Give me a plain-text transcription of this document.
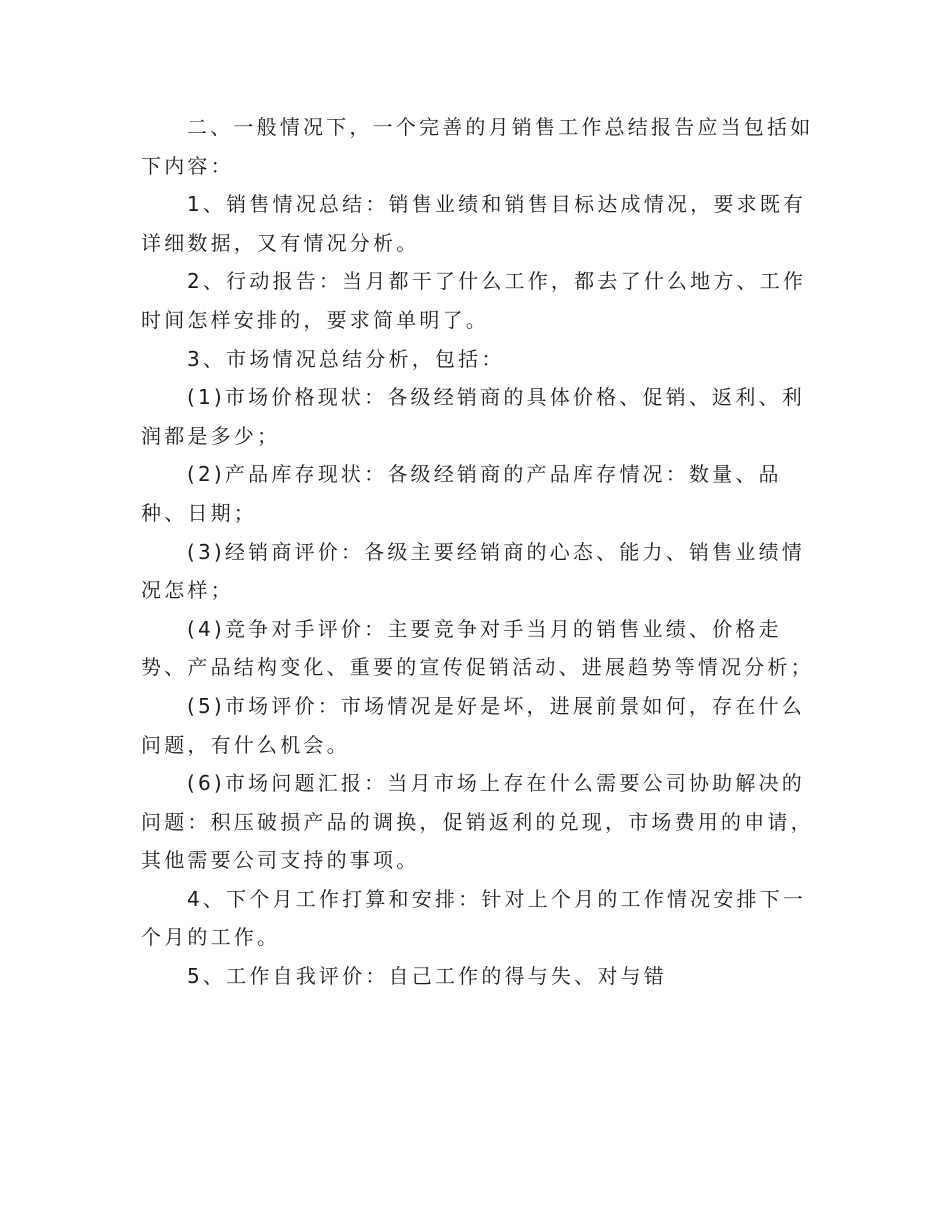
二、一般情况下，一个完善的月销售工作总结报告应当包括如下内容：

1、销售情况总结：销售业绩和销售目标达成情况，要求既有详细数据，又有情况分析。

2、行动报告：当月都干了什么工作，都去了什么地方、工作时间怎样安排的，要求简单明了。

3、市场情况总结分析，包括：

(1)市场价格现状：各级经销商的具体价格、促销、返利、利润都是多少；

(2)产品库存现状：各级经销商的产品库存情况：数量、品种、日期；

(3)经销商评价：各级主要经销商的心态、能力、销售业绩情况怎样；

(4)竞争对手评价：主要竞争对手当月的销售业绩、价格走势、产品结构变化、重要的宣传促销活动、进展趋势等情况分析；

(5)市场评价：市场情况是好是坏，进展前景如何，存在什么问题，有什么机会。

(6)市场问题汇报：当月市场上存在什么需要公司协助解决的问题：积压破损产品的调换，促销返利的兑现，市场费用的申请，其他需要公司支持的事项。

4、下个月工作打算和安排：针对上个月的工作情况安排下一个月的工作。

5、工作自我评价：自己工作的得与失、对与错
